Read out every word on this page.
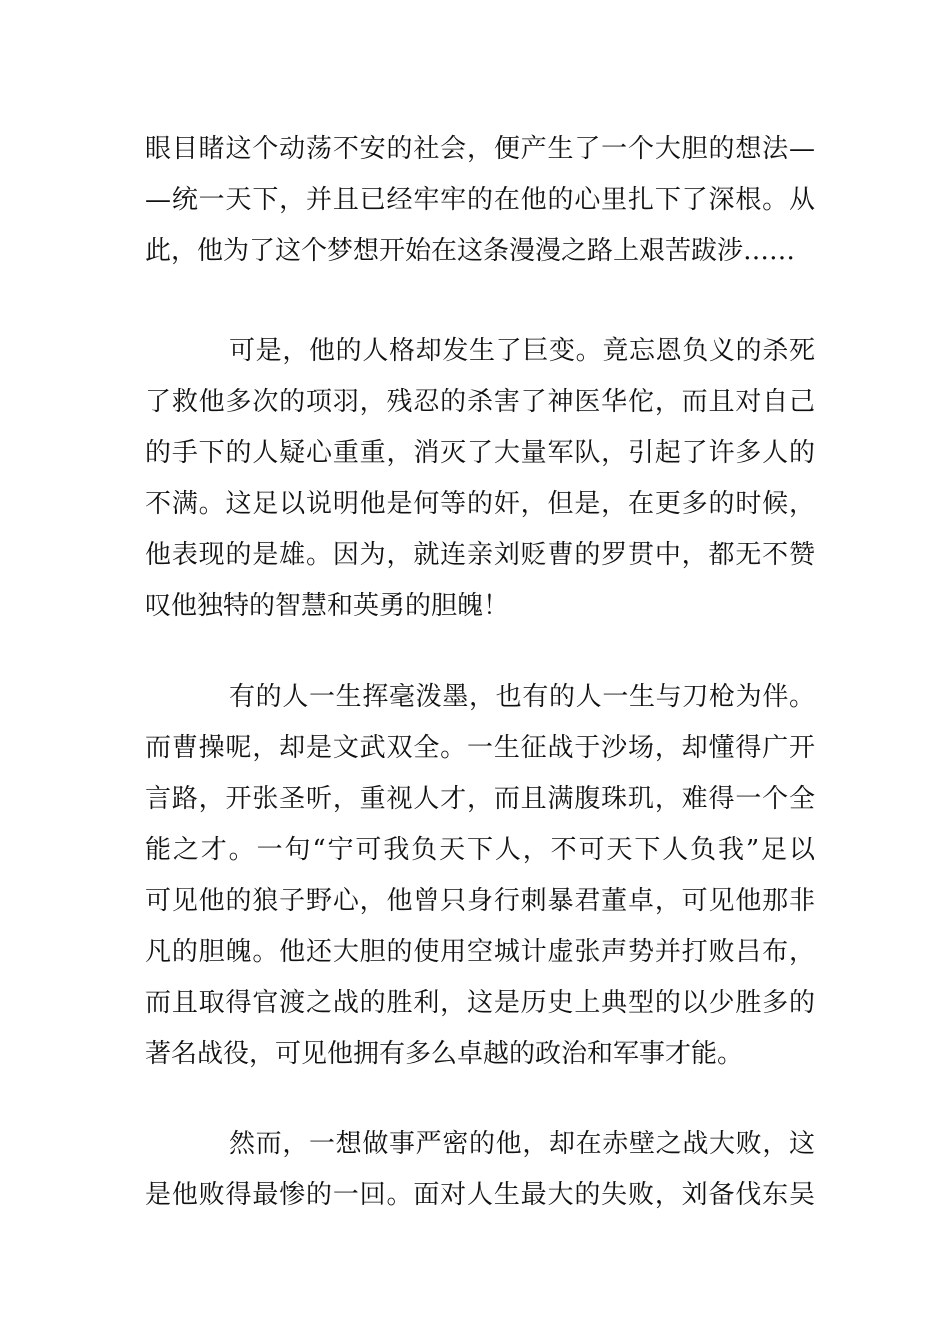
眼目睹这个动荡不安的社会，便产生了一个大胆的想法—
—统一天下，并且已经牢牢的在他的心里扎下了深根。从
此，他为了这个梦想开始在这条漫漫之路上艰苦跋涉……

可是，他的人格却发生了巨变。竟忘恩负义的杀死
了救他多次的项羽，残忍的杀害了神医华佗，而且对自己
的手下的人疑心重重，消灭了大量军队，引起了许多人的
不满。这足以说明他是何等的奸，但是，在更多的时候，
他表现的是雄。因为，就连亲刘贬曹的罗贯中，都无不赞
叹他独特的智慧和英勇的胆魄！

有的人一生挥毫泼墨，也有的人一生与刀枪为伴。
而曹操呢，却是文武双全。一生征战于沙场，却懂得广开
言路，开张圣听，重视人才，而且满腹珠玑，难得一个全
能之才。一句“宁可我负天下人，不可天下人负我”足以
可见他的狼子野心，他曾只身行刺暴君董卓，可见他那非
凡的胆魄。他还大胆的使用空城计虚张声势并打败吕布，
而且取得官渡之战的胜利，这是历史上典型的以少胜多的
著名战役，可见他拥有多么卓越的政治和军事才能。

然而，一想做事严密的他，却在赤壁之战大败，这
是他败得最惨的一回。面对人生最大的失败，刘备伐东吴
